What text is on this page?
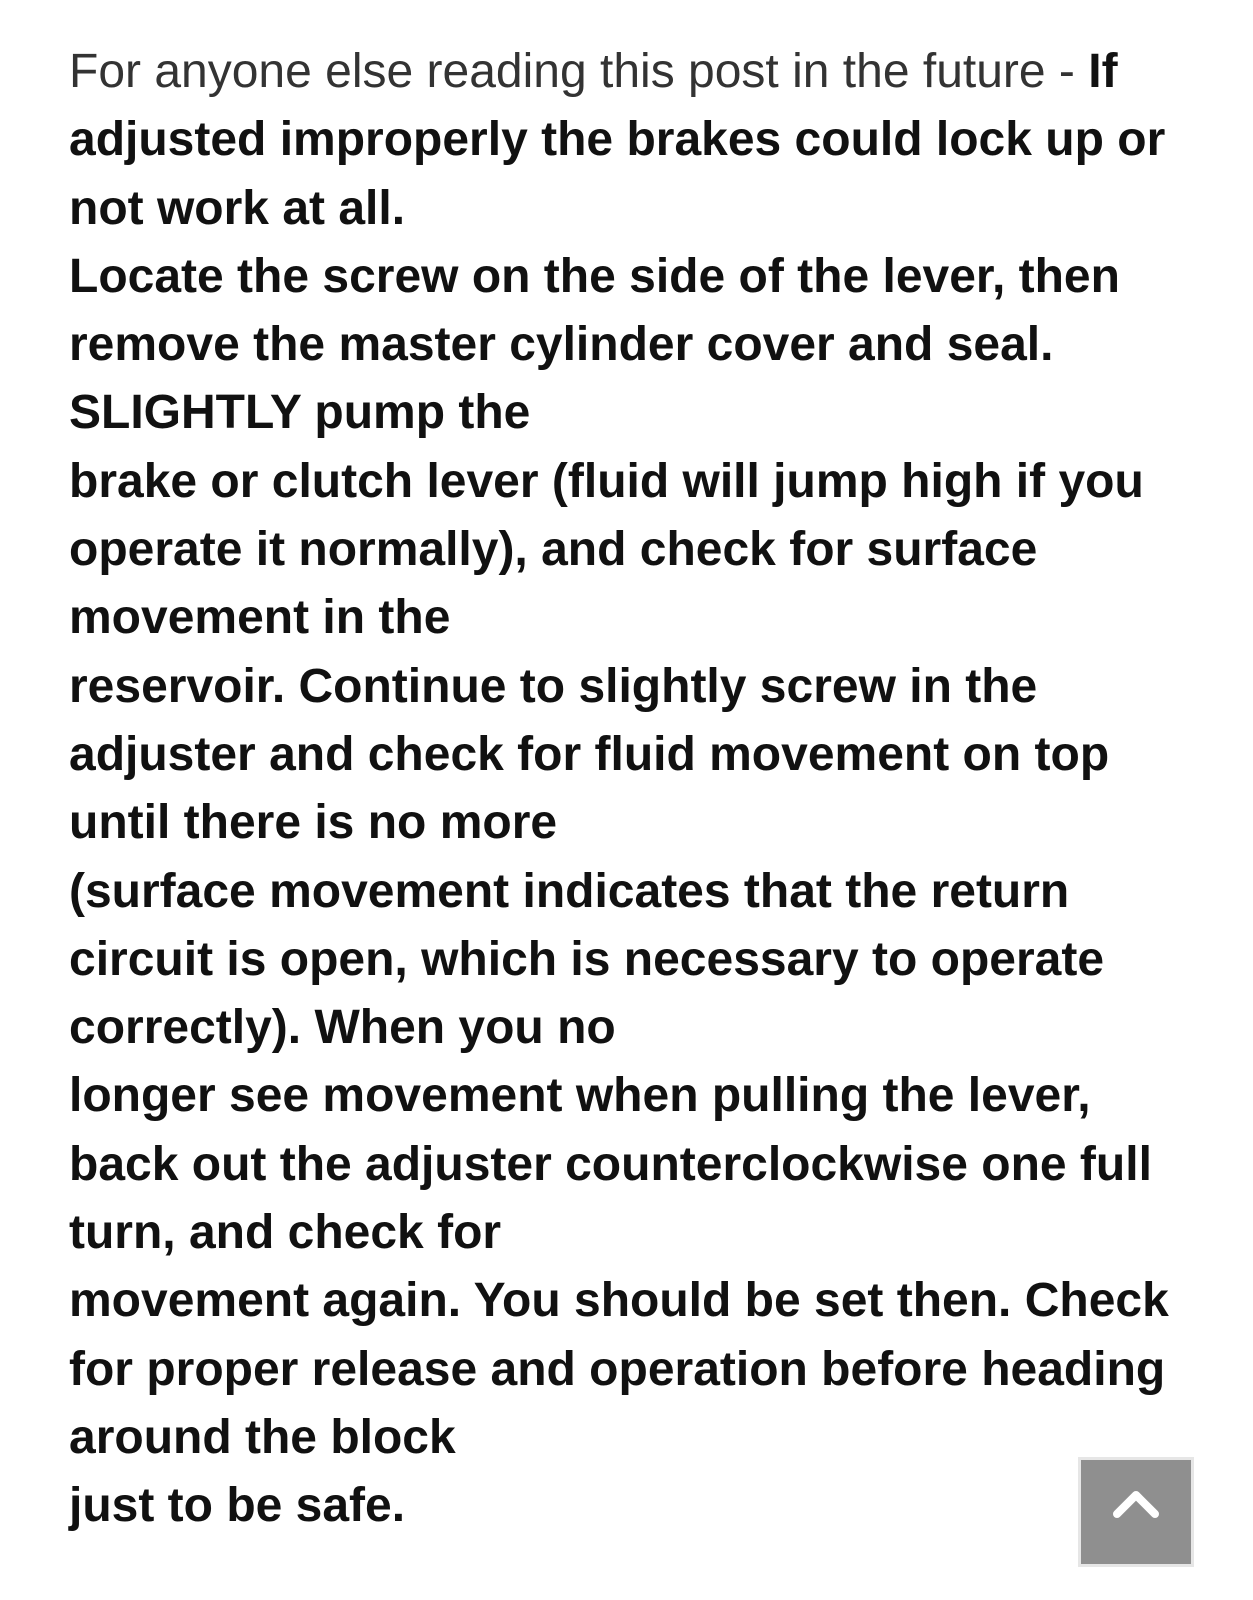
For anyone else reading this post in the future - If
adjusted improperly the brakes could lock up or
not work at all.
Locate the screw on the side of the lever, then
remove the master cylinder cover and seal.
SLIGHTLY pump the
brake or clutch lever (fluid will jump high if you
operate it normally), and check for surface
movement in the
reservoir. Continue to slightly screw in the
adjuster and check for fluid movement on top
until there is no more
(surface movement indicates that the return
circuit is open, which is necessary to operate
correctly). When you no
longer see movement when pulling the lever,
back out the adjuster counterclockwise one full
turn, and check for
movement again. You should be set then. Check
for proper release and operation before heading
around the block
just to be safe.
